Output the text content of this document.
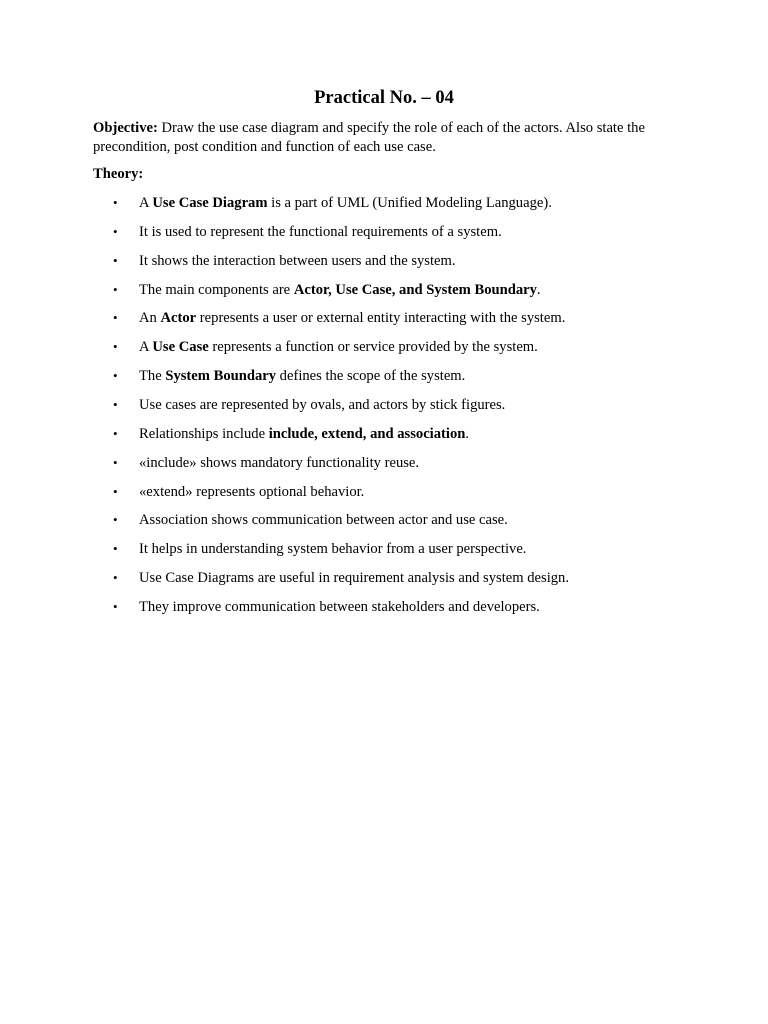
Practical No. – 04
Objective: Draw the use case diagram and specify the role of each of the actors. Also state the precondition, post condition and function of each use case.
Theory:
•	A Use Case Diagram is a part of UML (Unified Modeling Language).
•	It is used to represent the functional requirements of a system.
•	It shows the interaction between users and the system.
•	The main components are Actor, Use Case, and System Boundary.
•	An Actor represents a user or external entity interacting with the system.
•	A Use Case represents a function or service provided by the system.
•	The System Boundary defines the scope of the system.
•	Use cases are represented by ovals, and actors by stick figures.
•	Relationships include include, extend, and association.
•	«include» shows mandatory functionality reuse.
•	«extend» represents optional behavior.
•	Association shows communication between actor and use case.
•	It helps in understanding system behavior from a user perspective.
•	Use Case Diagrams are useful in requirement analysis and system design.
•	They improve communication between stakeholders and developers.
